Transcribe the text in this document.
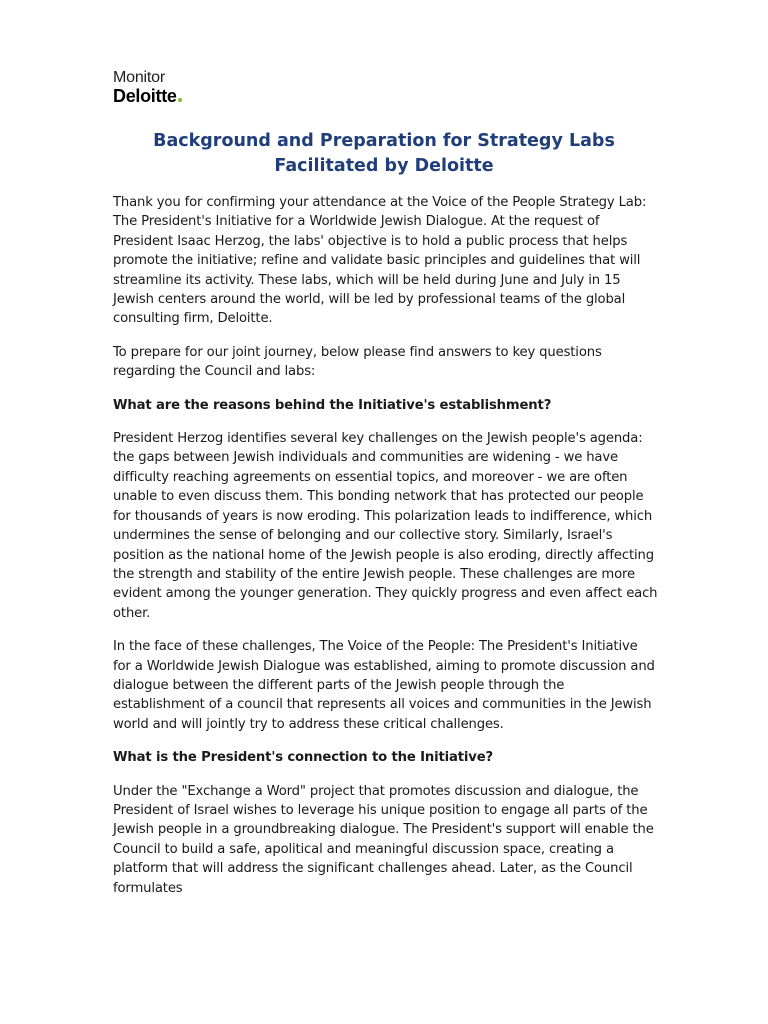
Monitor
Deloitte
Background and Preparation for Strategy Labs Facilitated by Deloitte

Thank you for confirming your attendance at the Voice of the People Strategy Lab: The President's Initiative for a Worldwide Jewish Dialogue. At the request of President Isaac Herzog, the labs' objective is to hold a public process that helps promote the initiative; refine and validate basic principles and guidelines that will streamline its activity. These labs, which will be held during June and July in 15 Jewish centers around the world, will be led by professional teams of the global consulting firm, Deloitte.

To prepare for our joint journey, below please find answers to key questions regarding the Council and labs:

What are the reasons behind the Initiative's establishment?

President Herzog identifies several key challenges on the Jewish people's agenda: the gaps between Jewish individuals and communities are widening - we have difficulty reaching agreements on essential topics, and moreover - we are often unable to even discuss them. This bonding network that has protected our people for thousands of years is now eroding. This polarization leads to indifference, which undermines the sense of belonging and our collective story. Similarly, Israel's position as the national home of the Jewish people is also eroding, directly affecting the strength and stability of the entire Jewish people. These challenges are more evident among the younger generation. They quickly progress and even affect each other.

In the face of these challenges, The Voice of the People: The President's Initiative for a Worldwide Jewish Dialogue was established, aiming to promote discussion and dialogue between the different parts of the Jewish people through the establishment of a council that represents all voices and communities in the Jewish world and will jointly try to address these critical challenges.

What is the President's connection to the Initiative?

Under the "Exchange a Word" project that promotes discussion and dialogue, the President of Israel wishes to leverage his unique position to engage all parts of the Jewish people in a groundbreaking dialogue. The President's support will enable the Council to build a safe, apolitical and meaningful discussion space, creating a platform that will address the significant challenges ahead. Later, as the Council formulates
